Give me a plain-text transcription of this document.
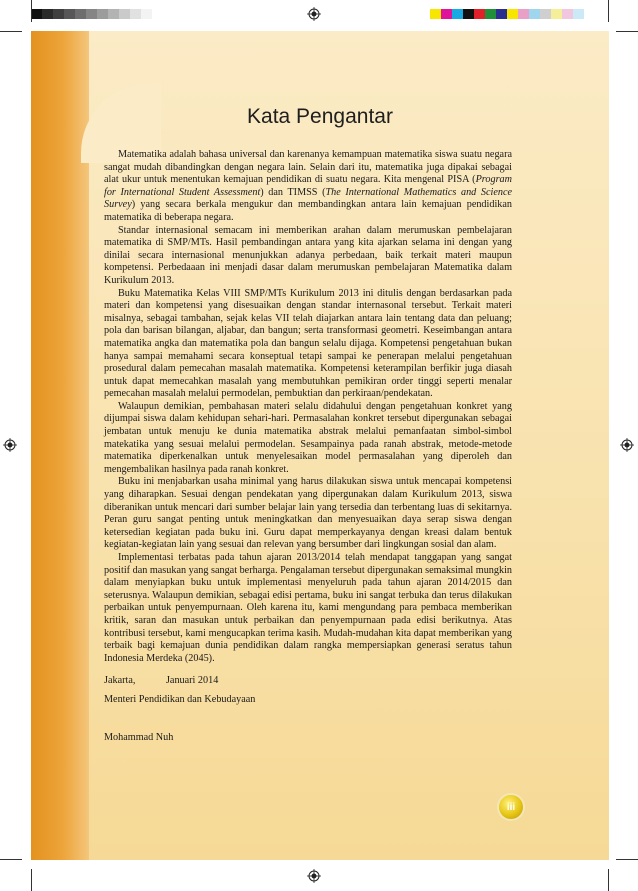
Kata Pengantar

Matematika adalah bahasa universal dan karenanya kemampuan matematika siswa suatu negara sangat mudah dibandingkan dengan negara lain. Selain dari itu, matematika juga dipakai sebagai alat ukur untuk menentukan kemajuan pendidikan di suatu negara. Kita mengenal PISA (Program for International Student Assessment) dan TIMSS (The International Mathematics and Science Survey) yang secara berkala mengukur dan membandingkan antara lain kemajuan pendidikan matematika di beberapa negara.

Standar internasional semacam ini memberikan arahan dalam merumuskan pembelajaran matematika di SMP/MTs. Hasil pembandingan antara yang kita ajarkan selama ini dengan yang dinilai secara internasional menunjukkan adanya perbedaan, baik terkait materi maupun kompetensi. Perbedaaan ini menjadi dasar dalam merumuskan pembelajaran Matematika dalam Kurikulum 2013.

Buku Matematika Kelas VIII SMP/MTs Kurikulum 2013 ini ditulis dengan berdasarkan pada materi dan kompetensi yang disesuaikan dengan standar internasonal tersebut. Terkait materi misalnya, sebagai tambahan, sejak kelas VII telah diajarkan antara lain tentang data dan peluang; pola dan barisan bilangan, aljabar, dan bangun; serta transformasi geometri. Keseimbangan antara matematika angka dan matematika pola dan bangun selalu dijaga. Kompetensi pengetahuan bukan hanya sampai memahami secara konseptual tetapi sampai ke penerapan melalui pengetahuan prosedural dalam pemecahan masalah matematika. Kompetensi keterampilan berfikir juga diasah untuk dapat memecahkan masalah yang membutuhkan pemikiran order tinggi seperti menalar pemecahan masalah melalui permodelan, pembuktian dan perkiraan/pendekatan.

Walaupun demikian, pembahasan materi selalu didahului dengan pengetahuan konkret yang dijumpai siswa dalam kehidupan sehari-hari. Permasalahan konkret tersebut dipergunakan sebagai jembatan untuk menuju ke dunia matematika abstrak melalui pemanfaatan simbol-simbol matekatika yang sesuai melalui permodelan. Sesampainya pada ranah abstrak, metode-metode matematika diperkenalkan untuk menyelesaikan model permasalahan yang diperoleh dan mengembalikan hasilnya pada ranah konkret.

Buku ini menjabarkan usaha minimal yang harus dilakukan siswa untuk mencapai kompetensi yang diharapkan. Sesuai dengan pendekatan yang dipergunakan dalam Kurikulum 2013, siswa diberanikan untuk mencari dari sumber belajar lain yang tersedia dan terbentang luas di sekitarnya. Peran guru sangat penting untuk meningkatkan dan menyesuaikan daya serap siswa dengan ketersedian kegiatan pada buku ini. Guru dapat memperkayanya dengan kreasi dalam bentuk kegiatan-kegiatan lain yang sesuai dan relevan yang bersumber dari lingkungan sosial dan alam.

Implementasi terbatas pada tahun ajaran 2013/2014 telah mendapat tanggapan yang sangat positif dan masukan yang sangat berharga. Pengalaman tersebut dipergunakan semaksimal mungkin dalam menyiapkan buku untuk implementasi menyeluruh pada tahun ajaran 2014/2015 dan seterusnya. Walaupun demikian, sebagai edisi pertama, buku ini sangat terbuka dan terus dilakukan perbaikan untuk penyempurnaan. Oleh karena itu, kami mengundang para pembaca memberikan kritik, saran dan masukan untuk perbaikan dan penyempurnaan pada edisi berikutnya. Atas kontribusi tersebut, kami mengucapkan terima kasih. Mudah-mudahan kita dapat memberikan yang terbaik bagi kemajuan dunia pendidikan dalam rangka mempersiapkan generasi seratus tahun Indonesia Merdeka (2045).

Jakarta,	Januari 2014
Menteri Pendidikan dan Kebudayaan
Mohammad Nuh
iii
